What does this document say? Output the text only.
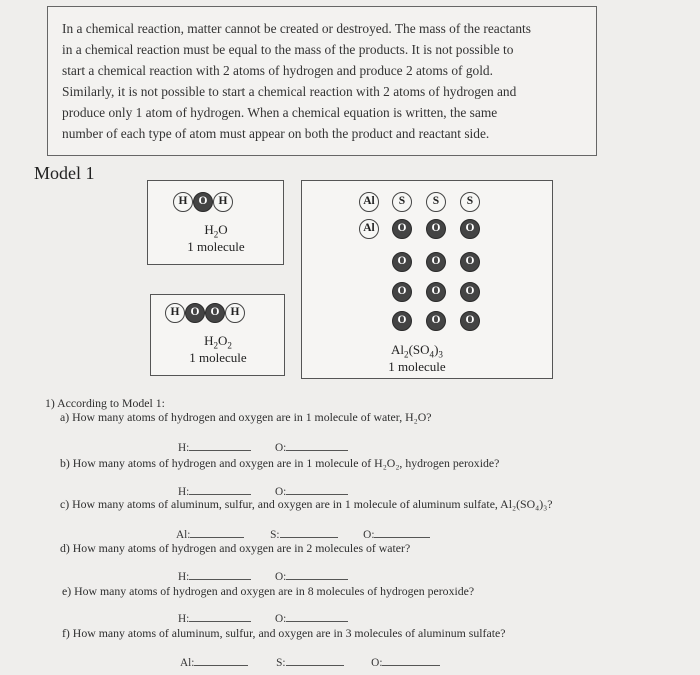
In a chemical reaction, matter cannot be created or destroyed. The mass of the reactants
in a chemical reaction must be equal to the mass of the products. It is not possible to
start a chemical reaction with 2 atoms of hydrogen and produce 2 atoms of gold.
Similarly, it is not possible to start a chemical reaction with 2 atoms of hydrogen and
produce only 1 atom of hydrogen. When a chemical equation is written, the same
number of each type of atom must appear on both the product and reactant side.
Model 1
H O H
$H_2O$
1 molecule
H O O H
$H_2O_2$
1 molecule
Al	S	S	S
Al	O	O	O
O	O	O
O	O	O
O	O	O
$Al_2(SO_4)_3$
1 molecule
1) According to Model 1:
a) How many atoms of hydrogen and oxygen are in 1 molecule of water, H₂O?
H:	O:
b) How many atoms of hydrogen and oxygen are in 1 molecule of H₂O₂, hydrogen peroxide?
H:	O:
c) How many atoms of aluminum, sulfur, and oxygen are in 1 molecule of aluminum sulfate, Al₂(SO₄)₃?
Al:	S:	O:
d) How many atoms of hydrogen and oxygen are in 2 molecules of water?
H:	O:
e) How many atoms of hydrogen and oxygen are in 8 molecules of hydrogen peroxide?
H:	O:
f) How many atoms of aluminum, sulfur, and oxygen are in 3 molecules of aluminum sulfate?
Al:	S:	O:
